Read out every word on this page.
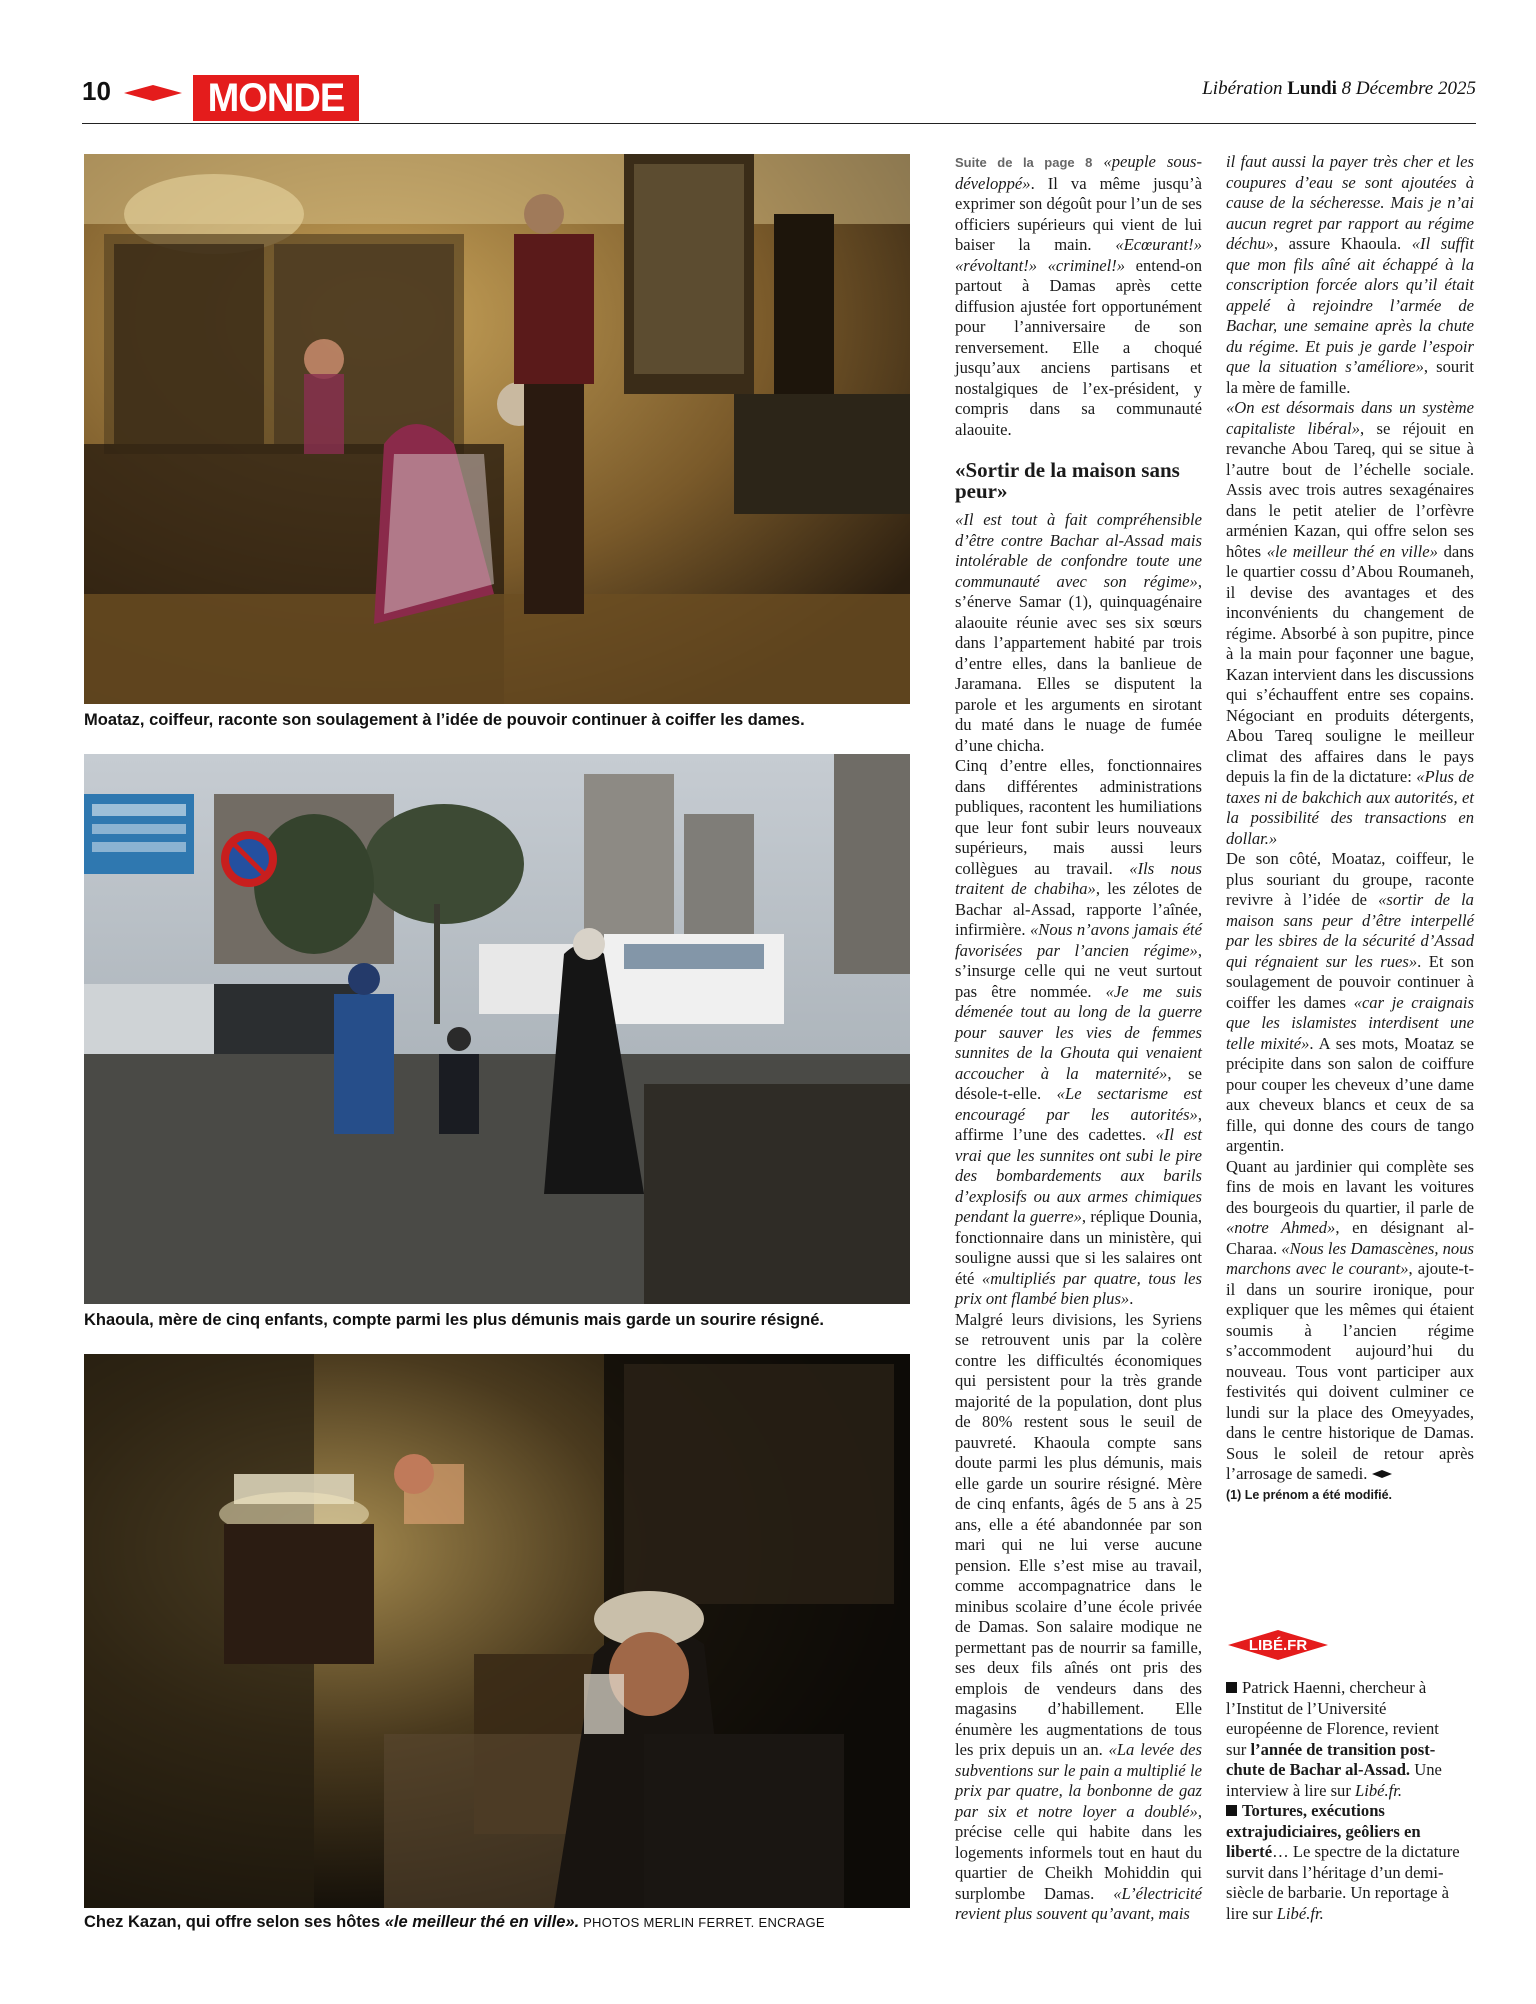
10 MONDE	Libération Lundi 8 Décembre 2025
Moataz, coiffeur, raconte son soulagement à l’idée de pouvoir continuer à coiffer les dames.
Khaoula, mère de cinq enfants, compte parmi les plus démunis mais garde un sourire résigné.
Chez Kazan, qui offre selon ses hôtes «le meilleur thé en ville». PHOTOS MERLIN FERRET. ENCRAGE

Suite de la page 8 «peuple sous-développé». Il va même jusqu’à exprimer son dégoût pour l’un de ses officiers supérieurs qui vient de lui baiser la main. «Ecœurant!» «révoltant!» «criminel!» entend-on partout à Damas après cette diffusion ajustée fort opportunément pour l’anniversaire de son renversement. Elle a choqué jusqu’aux anciens partisans et nostalgiques de l’ex-président, y compris dans sa communauté alaouite.

«Sortir de la maison sans peur»

«Il est tout à fait compréhensible d’être contre Bachar al-Assad mais intolérable de confondre toute une communauté avec son régime», s’énerve Samar (1), quinquagénaire alaouite réunie avec ses six sœurs dans l’appartement habité par trois d’entre elles, dans la banlieue de Jaramana. Elles se disputent la parole et les arguments en sirotant du maté dans le nuage de fumée d’une chicha.

Cinq d’entre elles, fonctionnaires dans différentes administrations publiques, racontent les humiliations que leur font subir leurs nouveaux supérieurs, mais aussi leurs collègues au travail. «Ils nous traitent de chabiha», les zélotes de Bachar al-Assad, rapporte l’aînée, infirmière. «Nous n’avons jamais été favorisées par l’ancien régime», s’insurge celle qui ne veut surtout pas être nommée. «Je me suis démenée tout au long de la guerre pour sauver les vies de femmes sunnites de la Ghouta qui venaient accoucher à la maternité», se désole-t-elle. «Le sectarisme est encouragé par les autorités», affirme l’une des cadettes. «Il est vrai que les sunnites ont subi le pire des bombardements aux barils d’explosifs ou aux armes chimiques pendant la guerre», réplique Dounia, fonctionnaire dans un ministère, qui souligne aussi que si les salaires ont été «multipliés par quatre, tous les prix ont flambé bien plus».

Malgré leurs divisions, les Syriens se retrouvent unis par la colère contre les difficultés économiques qui persistent pour la très grande majorité de la population, dont plus de 80% restent sous le seuil de pauvreté. Khaoula compte sans doute parmi les plus démunis, mais elle garde un sourire résigné. Mère de cinq enfants, âgés de 5 ans à 25 ans, elle a été abandonnée par son mari qui ne lui verse aucune pension. Elle s’est mise au travail, comme accompagnatrice dans le minibus scolaire d’une école privée de Damas. Son salaire modique ne permettant pas de nourrir sa famille, ses deux fils aînés ont pris des emplois de vendeurs dans des magasins d’habillement. Elle énumère les augmentations de tous les prix depuis un an. «La levée des subventions sur le pain a multiplié le prix par quatre, la bonbonne de gaz par six et notre loyer a doublé», précise celle qui habite dans les logements informels tout en haut du quartier de Cheikh Mohiddin qui surplombe Damas. «L’électricité revient plus souvent qu’avant, mais

il faut aussi la payer très cher et les coupures d’eau se sont ajoutées à cause de la sécheresse. Mais je n’ai aucun regret par rapport au régime déchu», assure Khaoula. «Il suffit que mon fils aîné ait échappé à la conscription forcée alors qu’il était appelé à rejoindre l’armée de Bachar, une semaine après la chute du régime. Et puis je garde l’espoir que la situation s’améliore», sourit la mère de famille.

«On est désormais dans un système capitaliste libéral», se réjouit en revanche Abou Tareq, qui se situe à l’autre bout de l’échelle sociale. Assis avec trois autres sexagénaires dans le petit atelier de l’orfèvre arménien Kazan, qui offre selon ses hôtes «le meilleur thé en ville» dans le quartier cossu d’Abou Roumaneh, il devise des avantages et des inconvénients du changement de régime. Absorbé à son pupitre, pince à la main pour façonner une bague, Kazan intervient dans les discussions qui s’échauffent entre ses copains. Négociant en produits détergents, Abou Tareq souligne le meilleur climat des affaires dans le pays depuis la fin de la dictature: «Plus de taxes ni de bakchich aux autorités, et la possibilité des transactions en dollar.»

De son côté, Moataz, coiffeur, le plus souriant du groupe, raconte revivre à l’idée de «sortir de la maison sans peur d’être interpellé par les sbires de la sécurité d’Assad qui régnaient sur les rues». Et son soulagement de pouvoir continuer à coiffer les dames «car je craignais que les islamistes interdisent une telle mixité». A ses mots, Moataz se précipite dans son salon de coiffure pour couper les cheveux d’une dame aux cheveux blancs et ceux de sa fille, qui donne des cours de tango argentin.

Quant au jardinier qui complète ses fins de mois en lavant les voitures des bourgeois du quartier, il parle de «notre Ahmed», en désignant al-Charaa. «Nous les Damascènes, nous marchons avec le courant», ajoute-t-il dans un sourire ironique, pour expliquer que les mêmes qui étaient soumis à l’ancien régime s’accommodent aujourd’hui du nouveau. Tous vont participer aux festivités qui doivent culminer ce lundi sur la place des Omeyyades, dans le centre historique de Damas. Sous le soleil de retour après l’arrosage de samedi.

(1) Le prénom a été modifié.

LIBÉ.FR
Patrick Haenni, chercheur à l’Institut de l’Université européenne de Florence, revient sur l’année de transition post-chute de Bachar al-Assad. Une interview à lire sur Libé.fr.
Tortures, exécutions extrajudiciaires, geôliers en liberté… Le spectre de la dictature survit dans l’héritage d’un demi-siècle de barbarie. Un reportage à lire sur Libé.fr.
